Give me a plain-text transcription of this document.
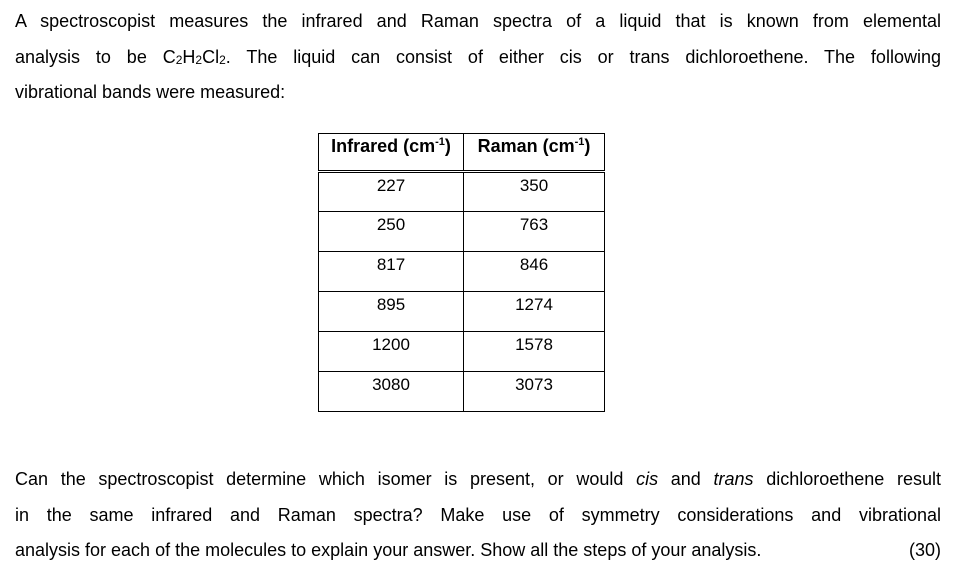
A spectroscopist measures the infrared and Raman spectra of a liquid that is known from elemental
analysis to be $C_2H_2Cl_2$. The liquid can consist of either cis or trans dichloroethene. The following
vibrational bands were measured:
Infrared $(cm^{-1})$	Raman $(cm^{-1})$
227	350
250	763
817	846
895	1274
1200	1578
3080	3073
Can the spectroscopist determine which isomer is present, or would cis and trans dichloroethene result
in the same infrared and Raman spectra? Make use of symmetry considerations and vibrational
analysis for each of the molecules to explain your answer. Show all the steps of your analysis.	(30)
